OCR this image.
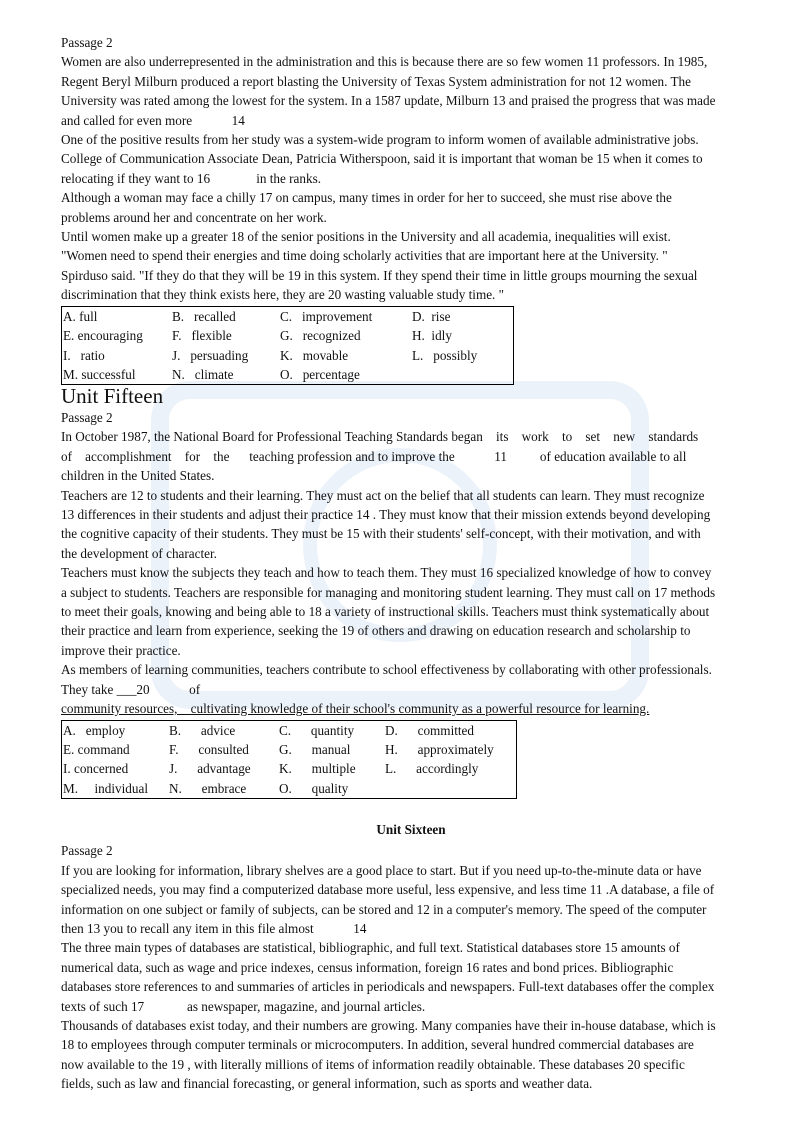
Passage 2
Women are also underrepresented in the administration and this is because there are so few women 11 professors. In 1985,
Regent Beryl Milburn produced a report blasting the University of Texas System administration for not 12 women. The
University was rated among the lowest for the system. In a 1587 update, Milburn 13 and praised the progress that was made
and called for even more            14
One of the positive results from her study was a system-wide program to inform women of available administrative jobs.
College of Communication Associate Dean, Patricia Witherspoon, said it is important that woman be 15 when it comes to
relocating if they want to 16              in the ranks.
Although a woman may face a chilly 17 on campus, many times in order for her to succeed, she must rise above the
problems around her and concentrate on her work.
Until women make up a greater 18 of the senior positions in the University and all academia, inequalities will exist.
"Women need to spend their energies and time doing scholarly activities that are important here at the University. "
Spirduso said. "If they do that they will be 19 in this system. If they spend their time in little groups mourning the sexual
discrimination that they think exists here, they are 20 wasting valuable study time. "
A. full	B.   recalled	C.   improvement	D.  rise
E. encouraging	F.   flexible	G.   recognized	H.  idly
I.   ratio	J.   persuading	K.   movable	L.   possibly
M. successful	N.   climate	O.   percentage	
Unit Fifteen
Passage 2
In October 1987, the National Board for Professional Teaching Standards began    its    work    to    set    new    standards
of    accomplishment    for    the      teaching profession and to improve the            11          of education available to all
children in the United States.
Teachers are 12 to students and their learning. They must act on the belief that all students can learn. They must recognize
13 differences in their students and adjust their practice 14 . They must know that their mission extends beyond developing
the cognitive capacity of their students. They must be 15 with their students' self-concept, with their motivation, and with
the development of character.
Teachers must know the subjects they teach and how to teach them. They must 16 specialized knowledge of how to convey
a subject to students. Teachers are responsible for managing and monitoring student learning. They must call on 17 methods
to meet their goals, knowing and being able to 18 a variety of instructional skills. Teachers must think systematically about
their practice and learn from experience, seeking the 19 of others and drawing on education research and scholarship to
improve their practice.
As members of learning communities, teachers contribute to school effectiveness by collaborating with other professionals.
They take ___20            of
community resources,    cultivating knowledge of their school's community as a powerful resource for learning.
A.   employ	B.      advice	C.      quantity	D.      committed
E. command	F.      consulted	G.      manual	H.      approximately
I. concerned	J.      advantage	K.      multiple	L.      accordingly
M.     individual	N.      embrace	O.      quality	
Unit Sixteen
Passage 2
If you are looking for information, library shelves are a good place to start. But if you need up-to-the-minute data or have
specialized needs, you may find a computerized database more useful, less expensive, and less time 11 .A database, a file of
information on one subject or family of subjects, can be stored and 12 in a computer's memory. The speed of the computer
then 13 you to recall any item in this file almost            14
The three main types of databases are statistical, bibliographic, and full text. Statistical databases store 15 amounts of
numerical data, such as wage and price indexes, census information, foreign 16 rates and bond prices. Bibliographic
databases store references to and summaries of articles in periodicals and newspapers. Full-text databases offer the complex
texts of such 17             as newspaper, magazine, and journal articles.
Thousands of databases exist today, and their numbers are growing. Many companies have their in-house database, which is
18 to employees through computer terminals or microcomputers. In addition, several hundred commercial databases are
now available to the 19 , with literally millions of items of information readily obtainable. These databases 20 specific
fields, such as law and financial forecasting, or general information, such as sports and weather data.
